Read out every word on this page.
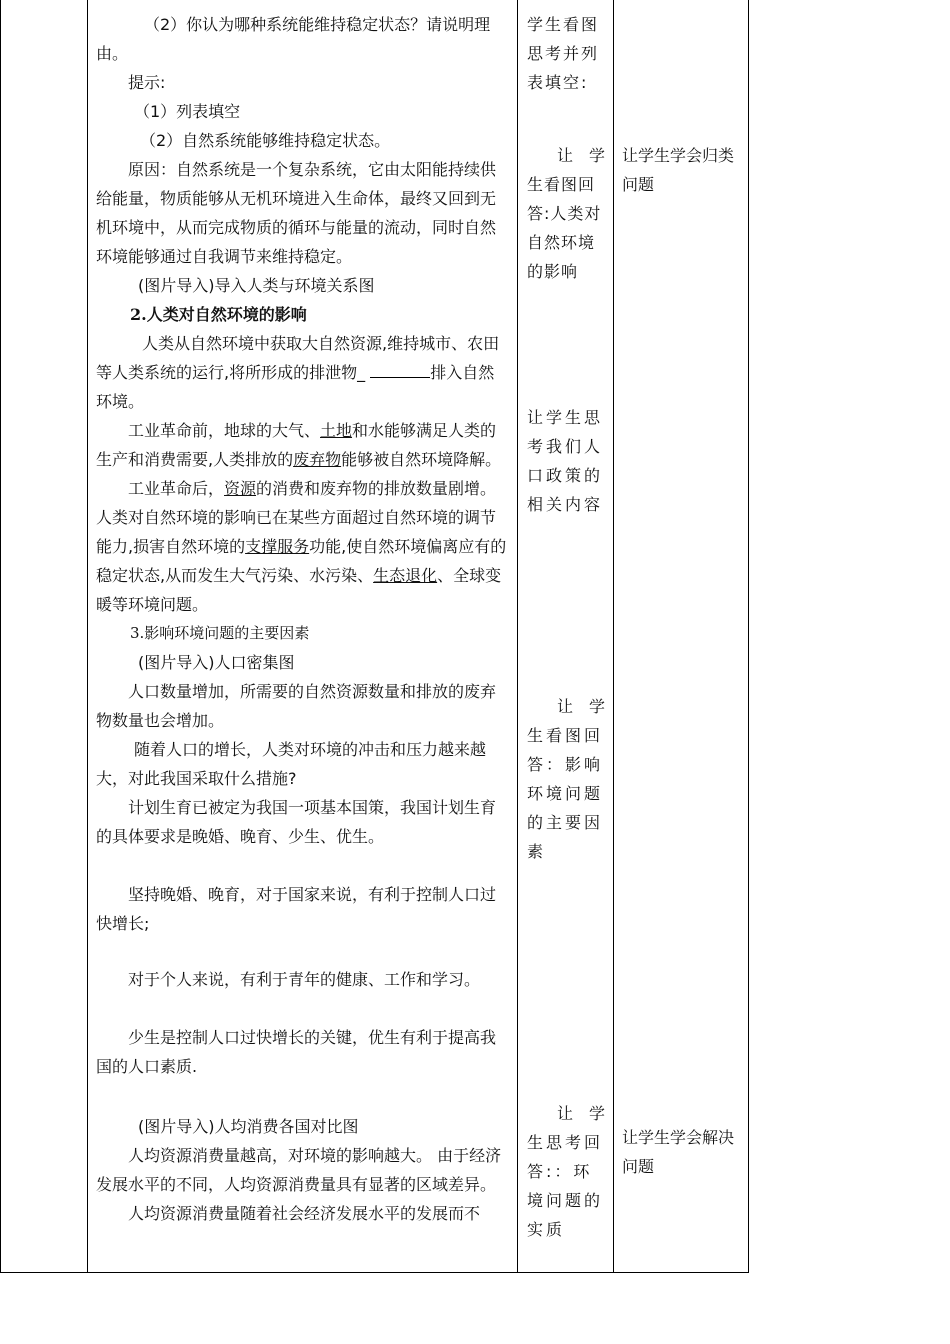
（2）你认为哪种系统能维持稳定状态？请说明理由。

提示:

（1）列表填空

（2）自然系统能够维持稳定状态。

原因：自然系统是一个复杂系统，它由太阳能持续供给能量，物质能够从无机环境进入生命体，最终又回到无机环境中，从而完成物质的循环与能量的流动，同时自然环境能够通过自我调节来维持稳定。

(图片导入)导入人类与环境关系图

2.人类对自然环境的影响

人类从自然环境中获取大自然资源,维持城市、农田等人类系统的运行,将所形成的排泄物_	排入自然环境。

工业革命前，地球的大气、土地和水能够满足人类的生产和消费需要,人类排放的废弃物能够被自然环境降解。

工业革命后，资源的消费和废弃物的排放数量剧增。人类对自然环境的影响已在某些方面超过自然环境的调节能力,损害自然环境的支撑服务功能,使自然环境偏离应有的稳定状态,从而发生大气污染、水污染、生态退化、全球变暖等环境问题。

3.影响环境问题的主要因素

(图片导入)人口密集图

人口数量增加，所需要的自然资源数量和排放的废弃物数量也会增加。

随着人口的增长，人类对环境的冲击和压力越来越大，对此我国采取什么措施?

计划生育已被定为我国一项基本国策，我国计划生育的具体要求是晚婚、晚育、少生、优生。

坚持晚婚、晚育，对于国家来说，有利于控制人口过快增长;

对于个人来说，有利于青年的健康、工作和学习。

少生是控制人口过快增长的关键，优生有利于提高我国的人口素质.

(图片导入)人均消费各国对比图

人均资源消费量越高，对环境的影响越大。 由于经济发展水平的不同，人均资源消费量具有显著的区域差异。

人均资源消费量随着社会经济发展水平的发展而不

学生看图思考并列表填空:

让 学

生看图回答:人类对自然环境的影响

让学生思考我们人口政策的相关内容

让 学

生看图回答：影响环境问题的主要因素

让 学

生思考回答:：环境问题的实质

让学生学会归类问题

让学生学会解决问题
